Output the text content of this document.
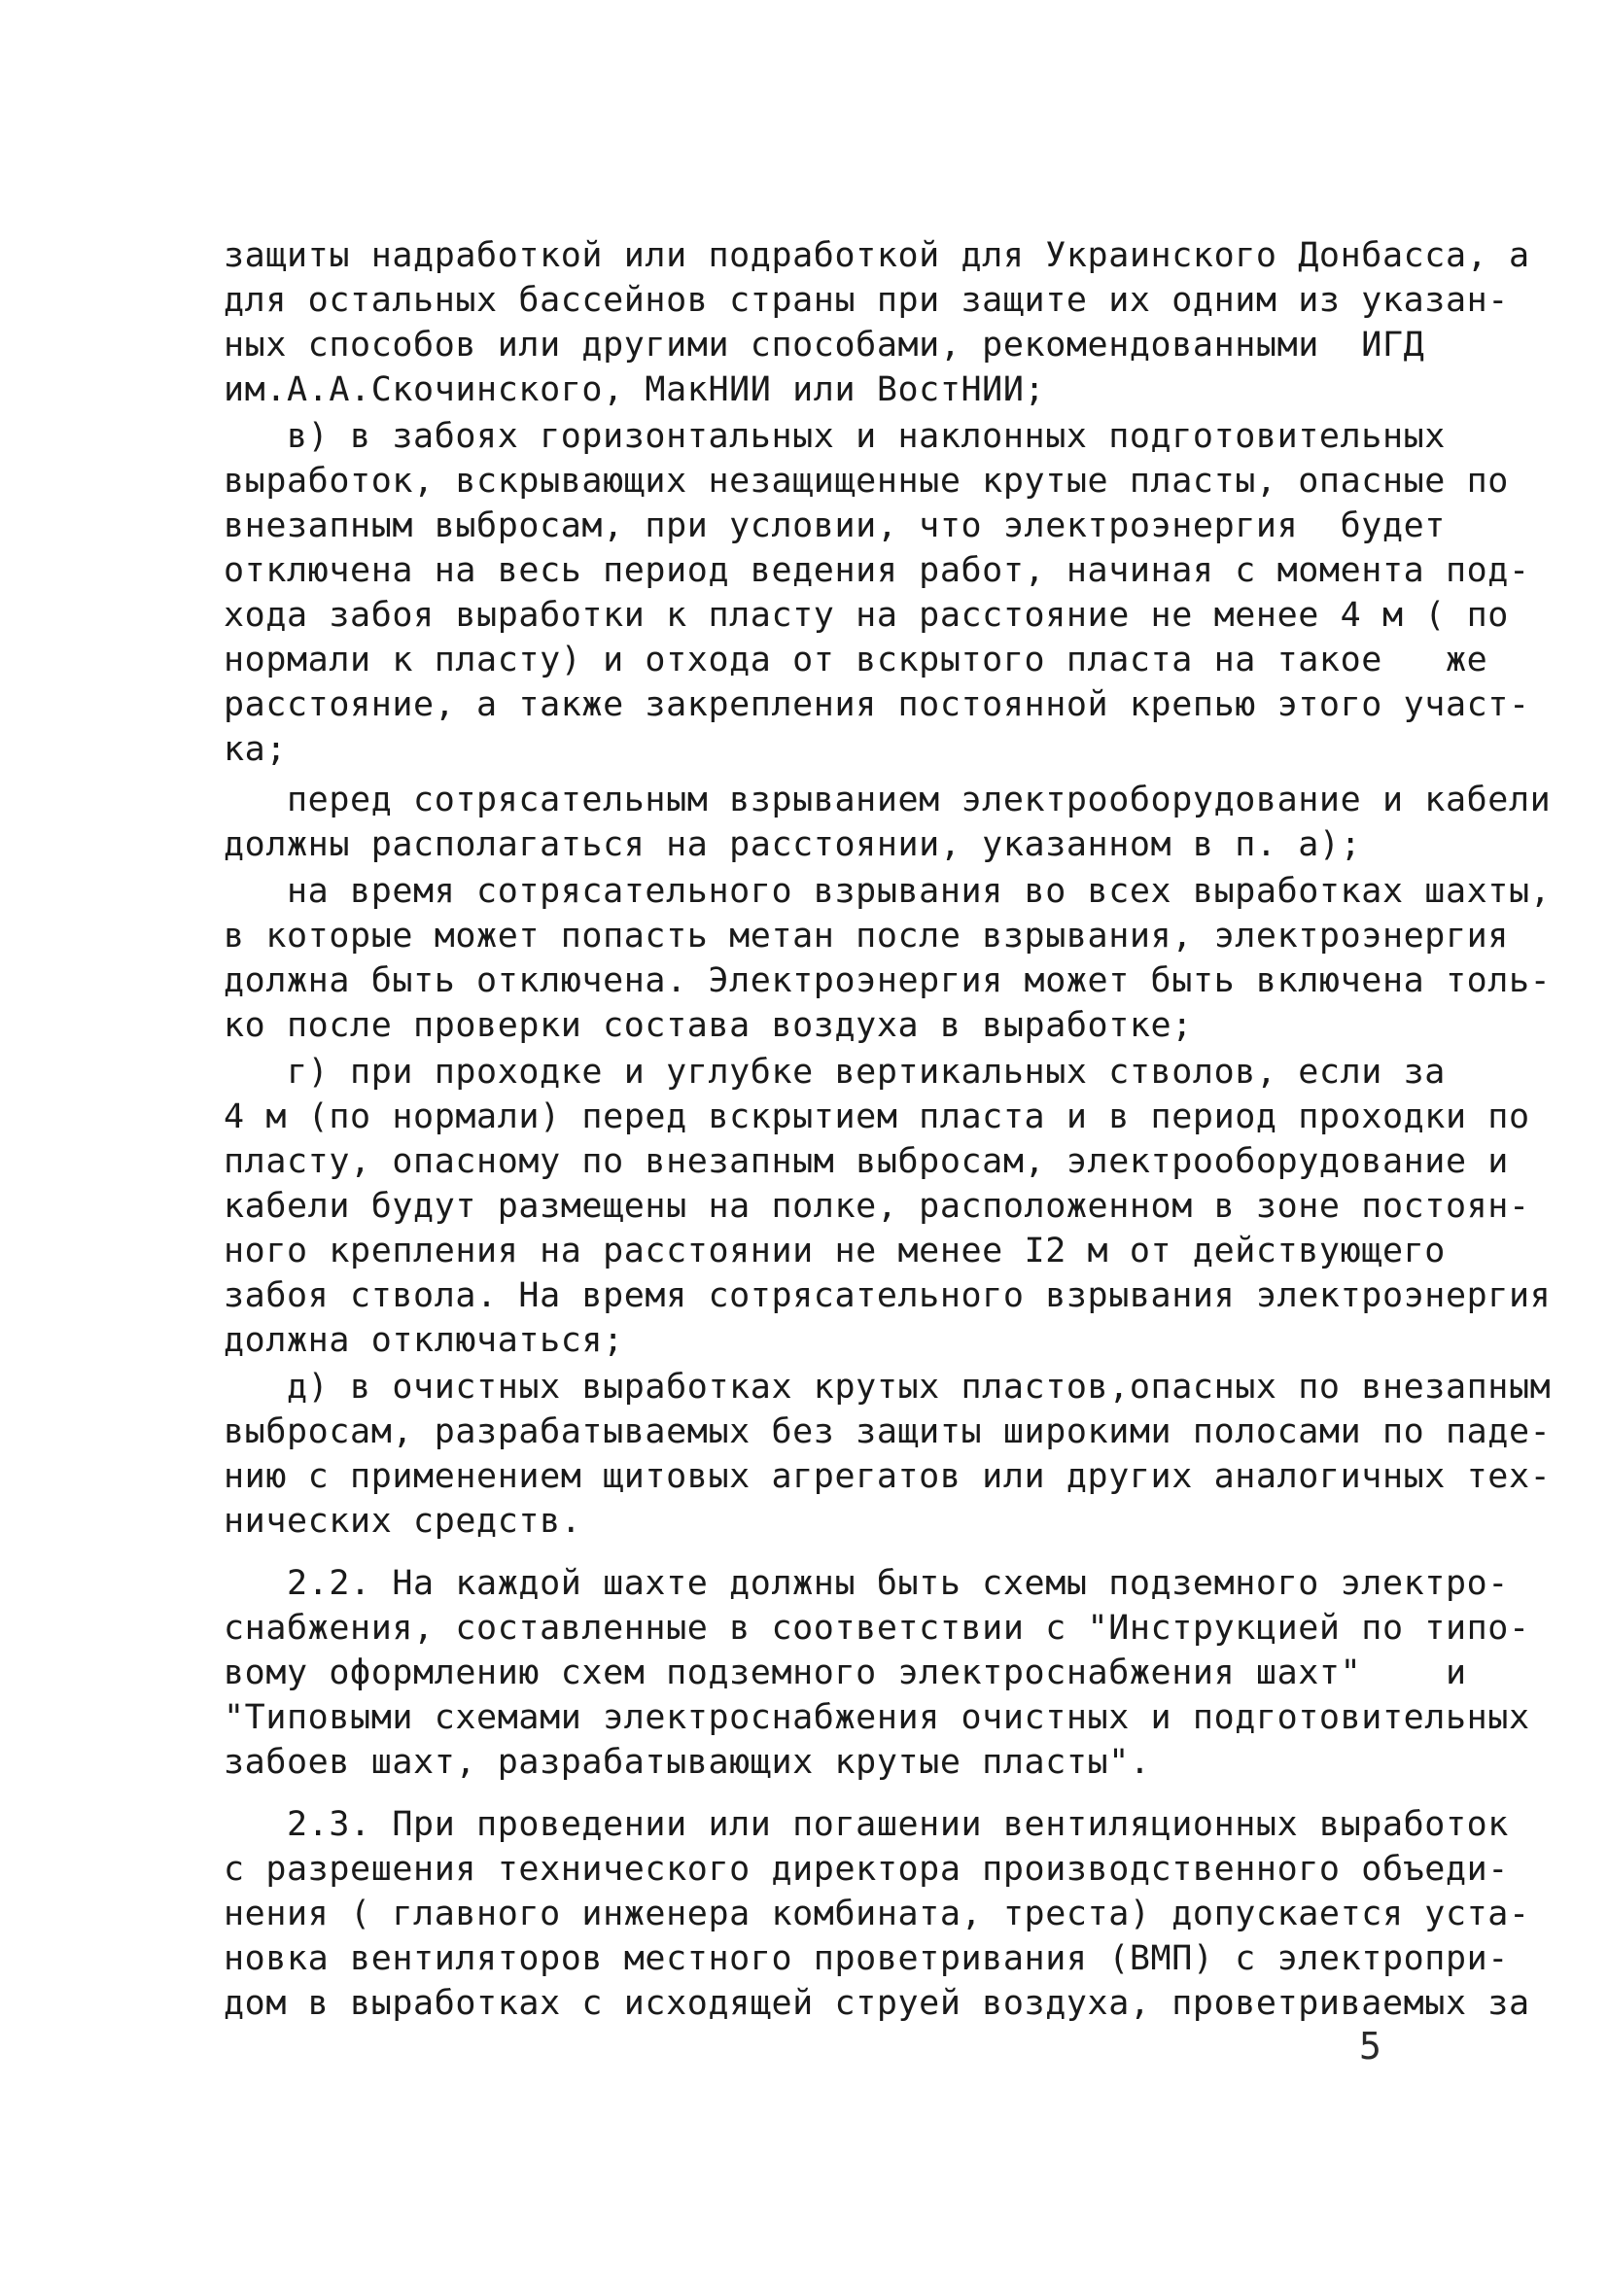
защиты надработкой или подработкой для Украинского Донбасса, а
для остальных бассейнов страны при защите их одним из указан-
ных способов или другими способами, рекомендованными  ИГД
им.А.А.Скочинского, МакНИИ или ВостНИИ;
в) в забоях горизонтальных и наклонных подготовительных
выработок, вскрывающих незащищенные крутые пласты, опасные по
внезапным выбросам, при условии, что электроэнергия  будет
отключена на весь период ведения работ, начиная с момента под-
хода забоя выработки к пласту на расстояние не менее 4 м ( по
нормали к пласту) и отхода от вскрытого пласта на такое   же
расстояние, а также закрепления постоянной крепью этого участ-
ка;
перед сотрясательным взрыванием электрооборудование и кабели
должны располагаться на расстоянии, указанном в п. а);
на время сотрясательного взрывания во всех выработках шахты,
в которые может попасть метан после взрывания, электроэнергия
должна быть отключена. Электроэнергия может быть включена толь-
ко после проверки состава воздуха в выработке;
г) при проходке и углубке вертикальных стволов, если за
4 м (по нормали) перед вскрытием пласта и в период проходки по
пласту, опасному по внезапным выбросам, электрооборудование и
кабели будут размещены на полке, расположенном в зоне постоян-
ного крепления на расстоянии не менее I2 м от действующего
забоя ствола. На время сотрясательного взрывания электроэнергия
должна отключаться;
д) в очистных выработках крутых пластов,опасных по внезапным
выбросам, разрабатываемых без защиты широкими полосами по паде-
нию с применением щитовых агрегатов или других аналогичных тех-
нических средств.
2.2. На каждой шахте должны быть схемы подземного электро-
снабжения, составленные в соответствии с "Инструкцией по типо-
вому оформлению схем подземного электроснабжения шахт"    и
"Типовыми схемами электроснабжения очистных и подготовительных
забоев шахт, разрабатывающих крутые пласты".
2.3. При проведении или погашении вентиляционных выработок
с разрешения технического директора производственного объеди-
нения ( главного инженера комбината, треста) допускается уста-
новка вентиляторов местного проветривания (ВМП) с электропри-
дом в выработках с исходящей струей воздуха, проветриваемых за
5
